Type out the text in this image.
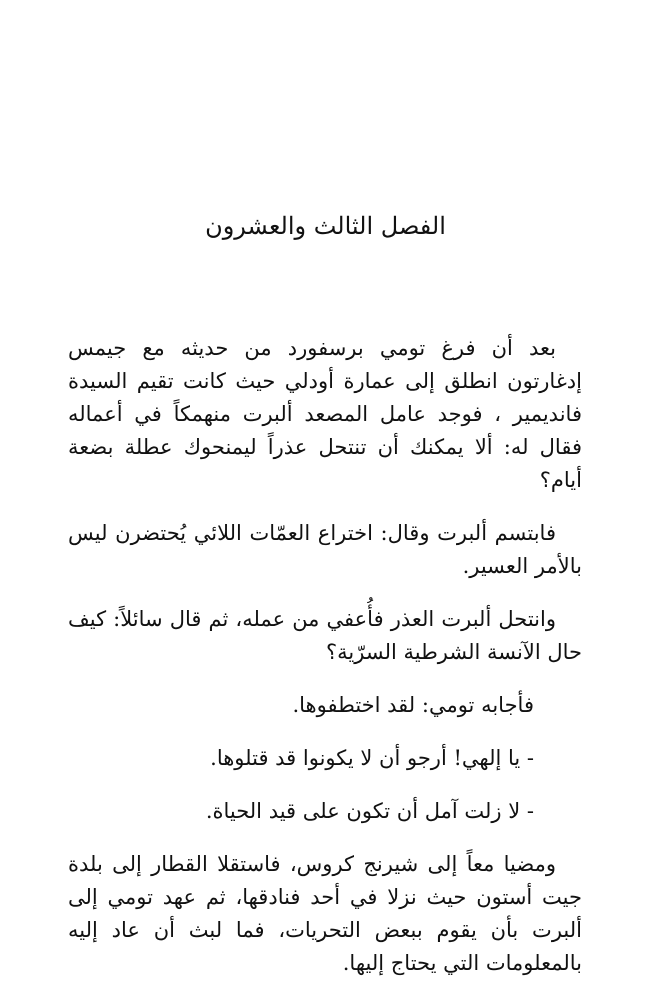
الفصل الثالث والعشرون

بعد أن فرغ تومي برسفورد من حديثه مع جيمس إدغارتون انطلق إلى عمارة أودلي حيث كانت تقيم السيدة فانديمير ، فوجد عامل المصعد ألبرت منهمكاً في أعماله فقال له: ألا يمكنك أن تنتحل عذراً ليمنحوك عطلة بضعة أيام؟

فابتسم ألبرت وقال: اختراع العمّات اللائي يُحتضرن ليس بالأمر العسير.

وانتحل ألبرت العذر فأُعفي من عمله، ثم قال سائلاً: كيف حال الآنسة الشرطية السرّية؟

فأجابه تومي: لقد اختطفوها.

- يا إلهي! أرجو أن لا يكونوا قد قتلوها.

- لا زلت آمل أن تكون على قيد الحياة.

ومضيا معاً إلى شيرنج كروس، فاستقلا القطار إلى بلدة جيت أستون حيث نزلا في أحد فنادقها، ثم عهد تومي إلى ألبرت بأن يقوم ببعض التحريات، فما لبث أن عاد إليه بالمعلومات التي يحتاج إليها.
